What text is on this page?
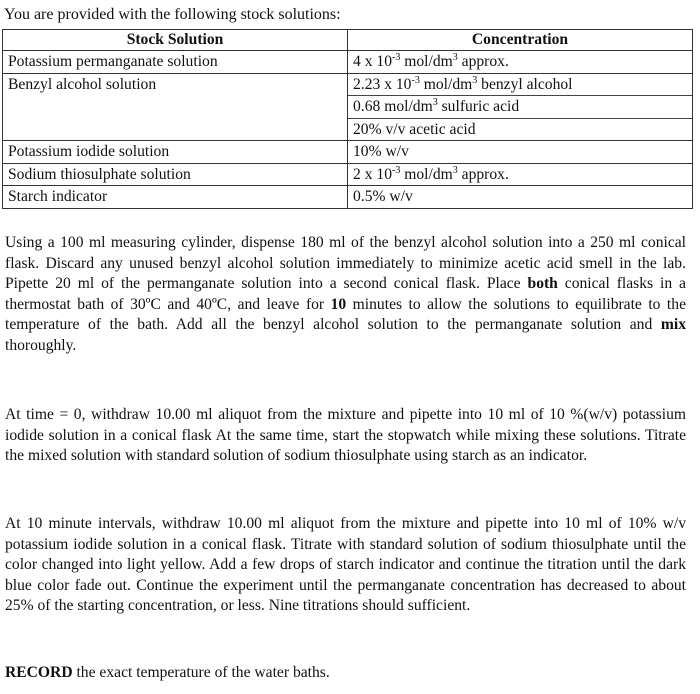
You are provided with the following stock solutions:
Stock Solution	Concentration
Potassium permanganate solution	4 x $10^{-3}$ mol/$dm^3$ approx.
Benzyl alcohol solution	2.23 x $10^{-3}$ mol/$dm^3$ benzyl alcohol
	0.68 mol/$dm^3$ sulfuric acid
	20% v/v acetic acid
Potassium iodide solution	10% w/v
Sodium thiosulphate solution	2 x $10^{-3}$ mol/$dm^3$ approx.
Starch indicator	0.5% w/v
Using a 100 ml measuring cylinder, dispense 180 ml of the benzyl alcohol solution into a 250 ml conical flask. Discard any unused benzyl alcohol solution immediately to minimize acetic acid smell in the lab. Pipette 20 ml of the permanganate solution into a second conical flask. Place both conical flasks in a thermostat bath of 30ºC and 40ºC, and leave for 10 minutes to allow the solutions to equilibrate to the temperature of the bath. Add all the benzyl alcohol solution to the permanganate solution and mix thoroughly.
At time = 0, withdraw 10.00 ml aliquot from the mixture and pipette into 10 ml of 10 %(w/v) potassium iodide solution in a conical flask At the same time, start the stopwatch while mixing these solutions. Titrate the mixed solution with standard solution of sodium thiosulphate using starch as an indicator.
At 10 minute intervals, withdraw 10.00 ml aliquot from the mixture and pipette into 10 ml of 10% w/v potassium iodide solution in a conical flask. Titrate with standard solution of sodium thiosulphate until the color changed into light yellow. Add a few drops of starch indicator and continue the titration until the dark blue color fade out. Continue the experiment until the permanganate concentration has decreased to about 25% of the starting concentration, or less. Nine titrations should sufficient.
RECORD the exact temperature of the water baths.
